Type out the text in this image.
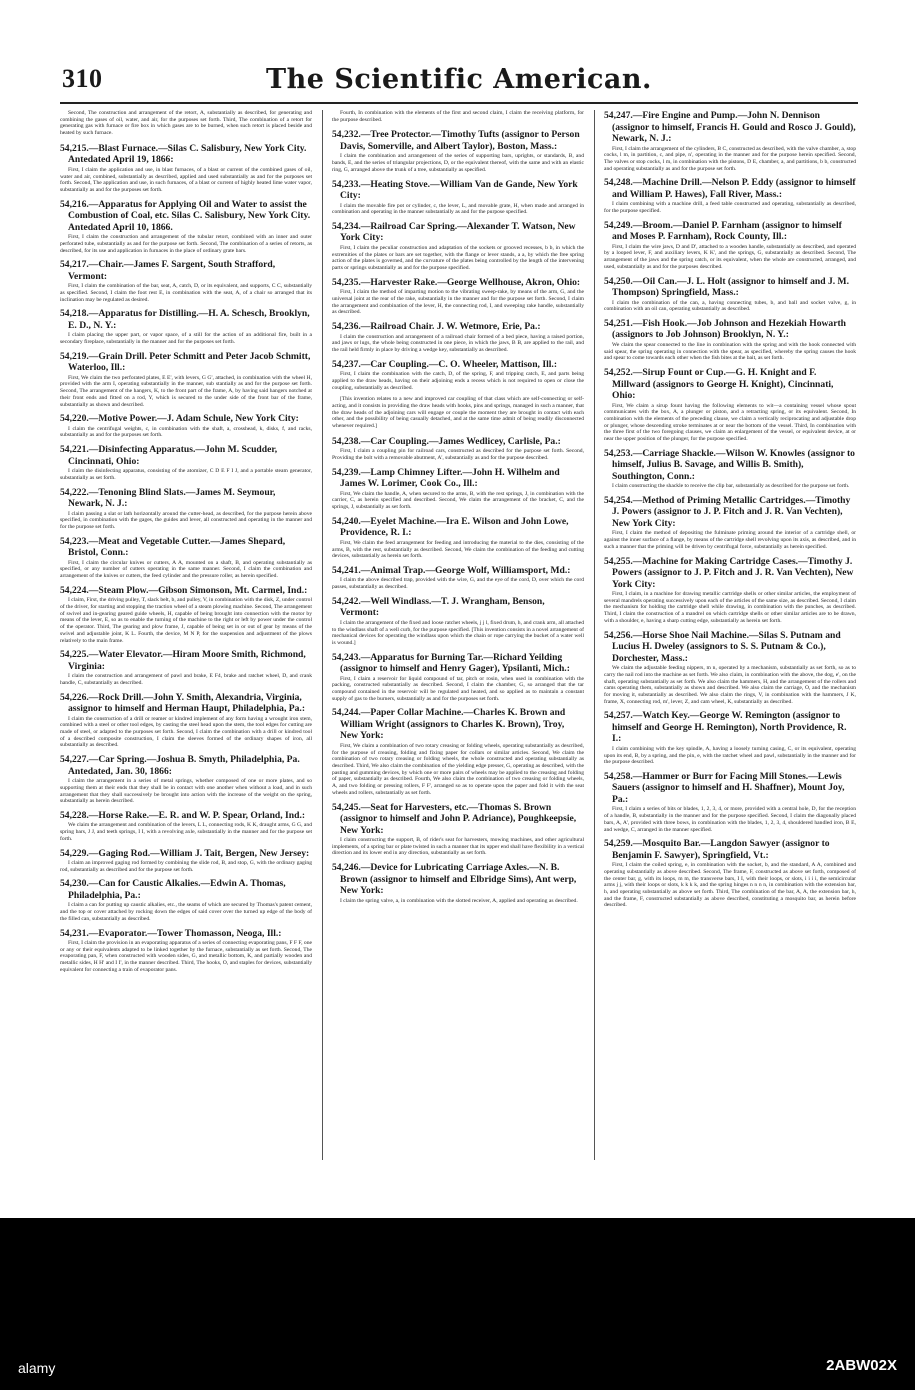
310	The Scientific American.
Second, The construction and arrangement of the retort, A, substantially as described, for generating and combining the gases of oil, water, and air, for the purposes set forth. Third, The combination of a retort for generating gas with furnace or fire box in which gases are to be burned, when such retort is placed beside and heated by such furnace.
54,215.—Blast Furnace.—Silas C. Salisbury, New York City. Antedated April 19, 1866:
First, I claim the application and use, in blast furnaces, of a blast or current of the combined gases of oil, water and air, combined, substantially as described, applied and used substantially as and for the purposes set forth. Second, The application and use, in such furnaces, of a blast or current of highly heated lime water vapor, substantially as and for the purposes set forth.
54,216.—Apparatus for Applying Oil and Water to assist the Combustion of Coal, etc. Silas C. Salisbury, New York City. Antedated April 10, 1866.
First, I claim the construction and arrangement of the tubular retort, combined with an inner and outer perforated tube, substantially as and for the purpose set forth. Second, The combination of a series of retorts, as described, for its use and application in furnaces in the place of ordinary grate bars.
54,217.—Chair.—James F. Sargent, South Strafford, Vermont:
First, I claim the combination of the bar, seat, A, catch, D, or its equivalent, and supports, C C, substantially as specified. Second, I claim the foot rest E, in combination with the seat, A, of a chair so arranged that its inclination may be regulated as desired.
54,218.—Apparatus for Distilling.—H. A. Schesch, Brooklyn, E. D., N. Y.:
I claim placing the upper part, or vapor space, of a still for the action of an additional fire, built in a secondary fireplace, substantially in the manner and for the purposes set forth.
54,219.—Grain Drill. Peter Schmitt and Peter Jacob Schmitt, Waterloo, Ill.:
First, We claim the two perforated plates, E E', with levers, G G', attached, in combination with the wheel H, provided with the arm I, operating substantially in the manner, sub stantially as and for the purpose set forth. Second, The arrangement of the hangers, K, to the front part of the frame, A, by having said hangers notched at their front ends and fitted on a rod, Y, which is secured to the under side of the front bar of the frame, substantially as shown and described.
54,220.—Motive Power.—J. Adam Schule, New York City:
I claim the centrifugal weights, c, in combination with the shaft, a, crosshead, k, disks, f, and racks, substantially as and for the purposes set forth.
54,221.—Disinfecting Apparatus.—John M. Scudder, Cincinnati, Ohio:
I claim the disinfecting apparatus, consisting of the atomizer, C D E F I J, and a portable steam generator, substantially as set forth.
54,222.—Tenoning Blind Slats.—James M. Seymour, Newark, N. J.:
I claim passing a slat or lath horizontally around the cutter-head, as described, for the purpose herein above specified, in combination with the gages, the guides and lever, all constructed and operating in the manner and for the purpose set forth.
54,223.—Meat and Vegetable Cutter.—James Shepard, Bristol, Conn.:
First, I claim the circular knives or cutters, A A, mounted on a shaft, B, and operating substantially as specified, or any number of cutters operating in the same manner. Second, I claim the combination and arrangement of the knives or cutters, the feed cylinder and the pressure roller, as herein specified.
54,224.—Steam Plow.—Gibson Simonson, Mt. Carmel, Ind.:
I claim, First, the driving pulley, T, slack belt, b, and pulley, V, in combination with the disk, Z, under control of the driver, for starting and stopping the traction wheel of a steam plowing machine. Second, The arrangement of swivel and in-gearing geared guide wheels, H, capable of being brought into connection with the motor by means of the lever, E, so as to enable the turning of the machine to the right or left by power under the control of the operator. Third, The gearing and plow frame, J, capable of being set in or out of gear by means of the swivel and adjustable joint, K L. Fourth, the device, M N P, for the suspension and adjustment of the plows relatively to the main frame.
54,225.—Water Elevator.—Hiram Moore Smith, Richmond, Virginia:
I claim the construction and arrangement of pawl and brake, E F4, brake and ratchet wheel, D, and crank handle, C, substantially as described.
54,226.—Rock Drill.—John Y. Smith, Alexandria, Virginia, assignor to himself and Herman Haupt, Philadelphia, Pa.:
I claim the construction of a drill or reamer or kindred implement of any form having a wrought iron stem, combined with a steel or other tool edges, by casting the steel head upon the stem, the tool edges for cutting are made of steel, or adapted to the purposes set forth. Second, I claim the combination with a drill or kindred tool of a described composite construction, I claim the sleeves formed of the ordinary shapes of iron, all substantially as described.
54,227.—Car Spring.—Joshua B. Smyth, Philadelphia, Pa. Antedated, Jan. 30, 1866:
I claim the arrangement in a series of metal springs, whether composed of one or more plates, and so supporting them at their ends that they shall be in contact with one another when without a load, and in such arrangement that they shall successively be brought into action with the increase of the weight on the spring, substantially as herein described.
54,228.—Horse Rake.—E. R. and W. P. Spear, Orland, Ind.:
We claim the arrangement and combination of the levers, L L, connecting rods, K K, draught arms, G G, and spring bars, J J, and teeth springs, I I, with a revolving axle, substantially in the manner and for the purpose set forth.
54,229.—Gaging Rod.—William J. Tait, Bergen, New Jersey:
I claim an improved gaging rod formed by combining the slide rod, B, and stop, G, with the ordinary gaging rod, substantially as described and for the purpose set forth.
54,230.—Can for Caustic Alkalies.—Edwin A. Thomas, Philadelphia, Pa.:
I claim a can for putting up caustic alkalies, etc., the seams of which are secured by Thomas's patent cement, and the top or cover attached by rocking down the edges of said cover over the turned up edge of the body of the filled can, substantially as described.
54,231.—Evaporator.—Tower Thomasson, Neoga, Ill.:
First, I claim the provision in an evaporating apparatus of a series of connecting evaporating pans, F F F, one or any or their equivalents adapted to be linked together by the furnace, substantially as set forth. Second, The evaporating pan, F, when constructed with wooden sides, G, and metallic bottom, K, and partially wooden and metallic sides, H H' and I I', in the manner described. Third, The hooks, O, and staples for devices, substantially equivalent for connecting a train of evaporator pans.
Fourth, In combination with the elements of the first and second claim, I claim the receiving platform, for the purpose described.
54,232.—Tree Protector.—Timothy Tufts (assignor to Person Davis, Somerville, and Albert Taylor), Boston, Mass.:
I claim the combination and arrangement of the series of supporting bars, uprights, or standards, B, and bands, E, and the series of triangular projections, D, or the equivalent thereof, with the same and with an elastic ring, G, arranged above the trunk of a tree, substantially as specified.
54,233.—Heating Stove.—William Van de Gande, New York City:
I claim the movable fire pot or cylinder, c, the lever, L, and movable grate, H, when made and arranged in combination and operating in the manner substantially as and for the purpose specified.
54,234.—Railroad Car Spring.—Alexander T. Watson, New York City:
First, I claim the peculiar construction and adaptation of the sockets or grooved recesses, b b, in which the extremities of the plates or bars are set together, with the flange or lever stands, a a, by which the free spring action of the plates is governed, and the curvature of the plates being controlled by the length of the intervening parts or springs substantially as and for the purpose specified.
54,235.—Harvester Rake.—George Wellhouse, Akron, Ohio:
First, I claim the method of imparting motion to the vibrating sweep-rake, by means of the arm, G, and the universal joint at the rear of the rake, substantially in the manner and for the purpose set forth. Second, I claim the arrangement and combination of the lever, H, the connecting rod, I, and sweeping rake handle, substantially as described.
54,236.—Railroad Chair. J. W. Wetmore, Erie, Pa.:
I claim the construction and arrangement of a railroad chair formed of a bed piece, having a raised portion, and jaws or lugs, the whole being constructed in one piece, in which the jaws, B B, are applied to the rail, and the rail held firmly in place by driving a wedge key, substantially as described.
54,237.—Car Coupling.—C. O. Wheeler, Mattison, Ill.:
First, I claim the combination with the catch, D, of the spring, F, and tripping catch, E, and parts being applied to the draw heads, having on their adjoining ends a recess which is not required to open or close the coupling, substantially as described.
[This invention relates to a new and improved car coupling of that class which are self-connecting or self-acting, and it consists in providing the draw heads with hooks, pins and springs, managed in such a manner, that the draw heads of the adjoining cars will engage or couple the moment they are brought in contact with each other, and the possibility of being casually detached, and at the same time admit of being readily disconnected whenever required.]
54,238.—Car Coupling.—James Wedlicey, Carlisle, Pa.:
First, I claim a coupling pin for railroad cars, constructed as described for the purpose set forth. Second, Providing the bolt with a removable abutment, A', substantially as and for the purpose described.
54,239.—Lamp Chimney Lifter.—John H. Wilhelm and James W. Lorimer, Cook Co., Ill.:
First, We claim the handle, A, when secured to the arms, B, with the rest springs, J, in combination with the carrier, C, as herein specified and described. Second, We claim the arrangement of the bracket, C, and the springs, J, substantially as set forth.
54,240.—Eyelet Machine.—Ira E. Wilson and John Lowe, Providence, R. I.:
First, We claim the feed arrangement for feeding and introducing the material to the dies, consisting of the arms, B, with the rest, substantially as described. Second, We claim the combination of the feeding and cutting devices, substantially as herein set forth.
54,241.—Animal Trap.—George Wolf, Williamsport, Md.:
I claim the above described trap, provided with the wire, G, and the eye of the cord, D, over which the cord passes, substantially as described.
54,242.—Well Windlass.—T. J. Wrangham, Benson, Vermont:
I claim the arrangement of the fixed and loose ratchet wheels, j j l, fixed drum, h, and crank arm, all attached to the windlass shaft of a well curb, for the purpose specified. [This invention consists in a novel arrangement of mechanical devices for operating the windlass upon which the chain or rope carrying the bucket of a water well is wound.]
54,243.—Apparatus for Burning Tar.—Richard Yeilding (assignor to himself and Henry Gager), Ypsilanti, Mich.:
First, I claim a reservoir for liquid compound of tar, pitch or rosin, when used in combination with the packing, constructed substantially as described. Second, I claim the chamber, G, so arranged that the tar compound contained in the reservoir will be regulated and heated, and so applied as to maintain a constant supply of gas to the burners, substantially as and for the purposes set forth.
54,244.—Paper Collar Machine.—Charles K. Brown and William Wright (assignors to Charles K. Brown), Troy, New York:
First, We claim a combination of two rotary creasing or folding wheels, operating substantially as described, for the purpose of creasing, folding and fixing paper for collars or similar articles. Second, We claim the combination of two rotary creasing or folding wheels, the whole constructed and operating substantially as described. Third, We also claim the combination of the yielding edge presser, G, operating as described, with the pasting and gumming devices, by which one or more pairs of wheels may be applied to the creasing and folding of paper, substantially as described. Fourth, We also claim the combination of two creasing or folding wheels, A, and two folding or pressing rollers, F F', arranged so as to operate upon the paper and fold it with the seat wheels and rollers, substantially as set forth.
54,245.—Seat for Harvesters, etc.—Thomas S. Brown (assignor to himself and John P. Adriance), Poughkeepsie, New York:
I claim constructing the support, B, of rider's seat for harvesters, mowing machines, and other agricultural implements, of a spring bar or plate twisted in such a manner that its upper end shall have flexibility in a vertical direction and its lower end in any direction, substantially as set forth.
54,246.—Device for Lubricating Carriage Axles.—N. B. Brown (assignor to himself and Elbridge Sims), Ant werp, New York:
I claim the spring valve, a, in combination with the slotted receiver, A, applied and operating as described.
54,247.—Fire Engine and Pump.—John N. Dennison (assignor to himself, Francis H. Gould and Rosco J. Gould), Newark, N. J.:
First, I claim the arrangement of the cylinders, B C, constructed as described, with the valve chamber, a, stop cocks, l m, in partition, c, and pipe, n', operating in the manner and for the purpose herein specified. Second, The valves or stop cocks, l m, in combination with the pistons, D E, chamber, a, and partitions, b b, constructed and operating substantially as and for the purpose set forth.
54,248.—Machine Drill.—Nelson P. Eddy (assignor to himself and William P. Hawes), Fall River, Mass.:
I claim combining with a machine drill, a feed table constructed and operating, substantially as described, for the purpose specified.
54,249.—Broom.—Daniel P. Farnham (assignor to himself and Moses P. Farnham), Rock County, Ill.:
First, I claim the wire jaws, D and D', attached to a wooden handle, substantially as described, and operated by a looped lever, F, and auxiliary levers, K K', and the springs, G, substantially as described. Second, The arrangement of the jaws and the spring catch, or its equivalent, when the whole are constructed, arranged, and used, substantially as and for the purposes described.
54,250.—Oil Can.—J. L. Holt (assignor to himself and J. M. Thompson) Springfield, Mass.:
I claim the combination of the can, a, having connecting tubes, b, and ball and socket valve, g, in combination with an oil can, operating substantially as described.
54,251.—Fish Hook.—Job Johnson and Hezekiah Howarth (assignors to Job Johnson) Brooklyn, N. Y.:
We claim the spear connected to the line in combination with the spring and with the hook connected with said spear, the spring operating in connection with the spear, as specified, whereby the spring causes the hook and spear to come towards each other when the fish bites at the bait, as set forth.
54,252.—Sirup Fount or Cup.—G. H. Knight and F. Millward (assignors to George H. Knight), Cincinnati, Ohio:
First, We claim a sirup fount having the following elements to wit—a containing vessel whose spout communicates with the box, A, a plunger or piston, and a retracting spring, or its equivalent. Second, In combination with the elements of the preceding clause, we claim a vertically reciprocating and adjustable drop or plunger, whose descending stroke terminates at or near the bottom of the vessel. Third, In combination with the three first of the two foregoing clauses, we claim an enlargement of the vessel, or equivalent device, at or near the upper position of the plunger, for the purpose specified.
54,253.—Carriage Shackle.—Wilson W. Knowles (assignor to himself, Julius B. Savage, and Willis B. Smith), Southington, Conn.:
I claim constructing the shackle to receive the clip bar, substantially as described for the purpose set forth.
54,254.—Method of Priming Metallic Cartridges.—Timothy J. Powers (assignor to J. P. Fitch and J. R. Van Vechten), New York City:
First, I claim the method of depositing the fulminate priming around the interior of a cartridge shell, or against the inner surface of a flange, by means of the cartridge shell revolving upon its axis, as described, and in such a manner that the priming will be driven by centrifugal force, substantially as herein specified.
54,255.—Machine for Making Cartridge Cases.—Timothy J. Powers (assignor to J. P. Fitch and J. R. Van Vechten), New York City:
First, I claim, in a machine for drawing metallic cartridge shells or other similar articles, the employment of several mandrels operating successively upon each of the articles of the same size, as described. Second, I claim the mechanism for holding the cartridge shell while drawing, in combination with the punches, as described. Third, I claim the construction of a mandrel on which cartridge shells or other similar articles are to be drawn, with a shoulder, e, having a sharp cutting edge, substantially as herein set forth.
54,256.—Horse Shoe Nail Machine.—Silas S. Putnam and Lucius H. Dweley (assignors to S. S. Putnam & Co.), Dorchester, Mass.:
We claim the adjustable feeding nippers, m n, operated by a mechanism, substantially as set forth, so as to carry the nail rod into the machine as set forth. We also claim, in combination with the above, the dog, e', on the shaft, operating substantially as set forth. We also claim the hammers, H, and the arrangement of the rollers and cams operating them, substantially as shown and described. We also claim the carriage, O, and the mechanism for moving it, substantially as described. We also claim the rings, V, in combination with the hammers, J K, frame, X, connecting rod, m', lever, Z, and cam wheel, K, substantially as described.
54,257.—Watch Key.—George W. Remington (assignor to himself and George H. Remington), North Providence, R. I.:
I claim combining with the key spindle, A, having a loosely turning casing, C, or its equivalent, operating upon its end, B, by a spring, and the pin, e, with the ratchet wheel and pawl, substantially in the manner and for the purpose described.
54,258.—Hammer or Burr for Facing Mill Stones.—Lewis Sauers (assignor to himself and H. Shaffner), Mount Joy, Pa.:
First, I claim a series of bits or blades, 1, 2, 3, 4, or more, provided with a central hole, D, for the reception of a handle, B, substantially in the manner and for the purpose specified. Second, I claim the diagonally placed bars, A, A', provided with three bows, in combination with the blades, 1, 2, 3, 4, shouldered handled iron, B E, and wedge, C, arranged in the manner specified.
54,259.—Mosquito Bar.—Langdon Sawyer (assignor to Benjamin F. Sawyer), Springfield, Vt.:
First, I claim the coiled spring, e, in combination with the socket, b, and the standard, A A, combined and operating substantially as above described. Second, The frame, F, constructed as above set forth, composed of the center bar, g, with its loops, m m, the transverse bars, I I, with their loops, or slots, i i i i, the semicircular arms j j, with their loops or slots, k k k k, and the spring hinges n n n n, in combination with the extension bar, h, and operating substantially as above set forth. Third, The combination of the bar, A, A, the extension bar, h, and the frame, F, constructed substantially as above described, constituting a mosquito bar, as herein before described.
alamy	2ABW02X
